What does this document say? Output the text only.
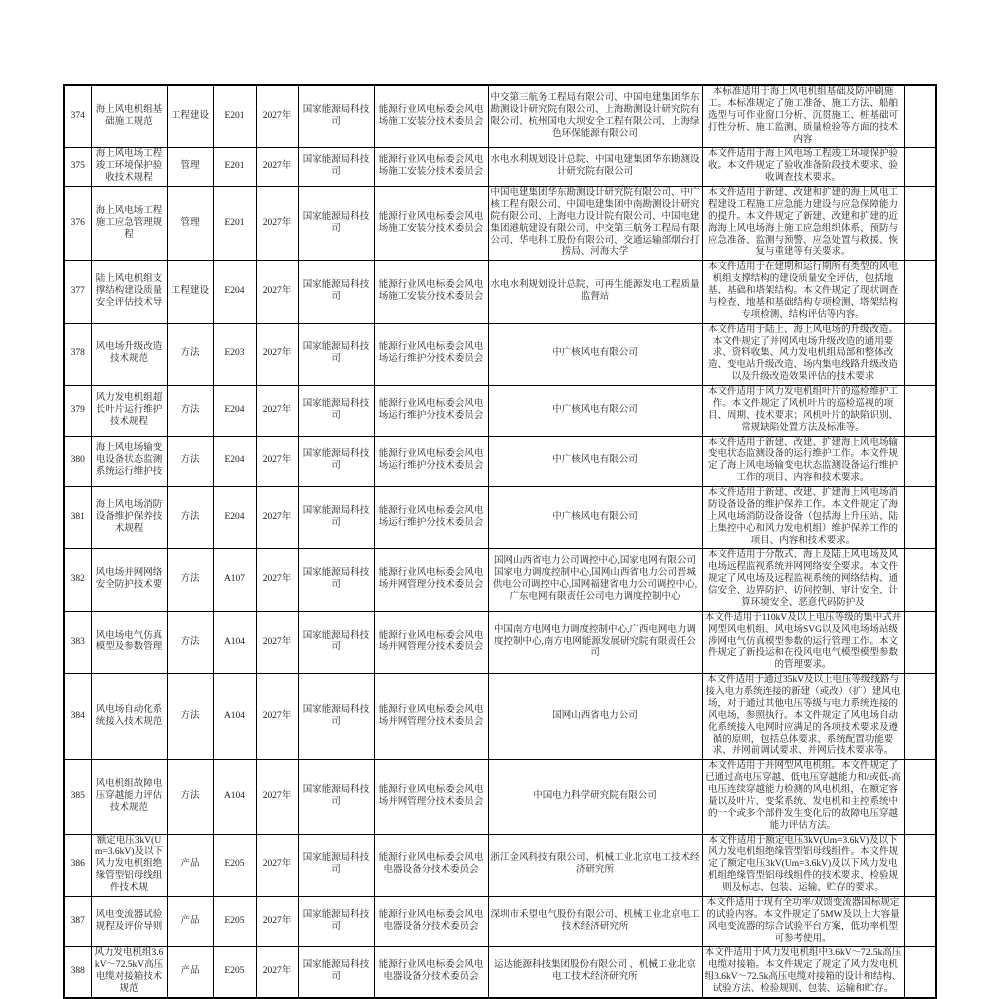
374	海上风电机组基础施工规范	工程建设	E201	2027年	国家能源局科技司	能源行业风电标委会风电场施工安装分技术委员会	中交第三航务工程局有限公司、中国电建集团华东勘测设计研究院有限公司、上海勘测设计研究院有限公司、杭州国电大坝安全工程有限公司、上海绿色环保能源有限公司	本标准适用于海上风电机组基础及防冲刷施工。本标准规定了施工准备、施工方法、船舶选型与可作业窗口分析、沉贯施工、桩基础可打性分析、施工监测、质量检验等方面的技术内容	
375	海上风电场工程竣工环境保护验收技术规程	管理	E201	2027年	国家能源局科技司	能源行业风电标委会风电场施工安装分技术委员会	水电水利规划设计总院、中国电建集团华东勘测设计研究院有限公司	本文件适用于海上风电场工程竣工环境保护验收。本文件规定了验收准备阶段技术要求、验收调查技术要求。	
376	海上风电场工程施工应急管理规程	管理	E201	2027年	国家能源局科技司	能源行业风电标委会风电场施工安装分技术委员会	中国电建集团华东勘测设计研究院有限公司、中广核工程有限公司、中国电建集团中南勘测设计研究院有限公司、上海电力设计院有限公司、中国电建集团港航建设有限公司、中交第三航务工程局有限公司、华电科工股份有限公司、交通运输部烟台打捞局、河海大学	本文件适用于新建、改建和扩建的海上风电工程建设工程施工应急能力建设与应急保障能力的提升。本文件规定了新建、改建和扩建的近海海上风电场海上施工应急组织体系、预防与应急准备、监测与预警、应急处置与救援、恢复与重建等有关要求。	
377	陆上风电机组支撑结构建设质量安全评估技术导	工程建设	E204	2027年	国家能源局科技司	能源行业风电标委会风电场施工安装分技术委员会	水电水利规划设计总院、可再生能源发电工程质量监督站	本文件适用于在建期和运行期所有类型的风电机组支撑结构的建设质量安全评估，包括地基、基础和塔架结构。本文件规定了现状调查与检查、地基和基础结构专项检测、塔架结构专项检测、结构评估等内容。	
378	风电场升级改造技术规范	方法	E203	2027年	国家能源局科技司	能源行业风电标委会风电场运行维护分技术委员会	中广核风电有限公司	本文件适用于陆上、海上风电场的升级改造。本文件规定了并网风电场升级改造的通用要求、资料收集、风力发电机组局部和整体改造、变电站升级改造、场内集电线路升级改造以及升级改造效果评估的技术要求	
379	风力发电机组超长叶片运行维护技术规程	方法	E204	2027年	国家能源局科技司	能源行业风电标委会风电场运行维护分技术委员会	中广核风电有限公司	本文件适用于风力发电机组叶片的巡检维护工作。本文件规定了风机叶片的巡检巡视的项目、周期、技术要求；风机叶片的缺陷识别、常规缺陷处置方法及标准等。	
380	海上风电场输变电设备状态监测系统运行维护技	方法	E204	2027年	国家能源局科技司	能源行业风电标委会风电场运行维护分技术委员会	中广核风电有限公司	本文件适用于新建、改建、扩建海上风电场输变电状态监测设备的运行维护工作。本文件规定了海上风电场输变电状态监测设备运行维护工作的项目、内容和技术要求。	
381	海上风电场消防设备维护保养技术规程	方法	E204	2027年	国家能源局科技司	能源行业风电标委会风电场运行维护分技术委员会	中广核风电有限公司	本文件适用于新建、改建、扩建海上风电场消防设备设备的维护保养工作。本文件规定了海上风电场消防设备设备（包括海上升压站、陆上集控中心和风力发电机组）维护保养工作的项目、内容和技术要求。	
382	风电场并网网络安全防护技术要	方法	A107	2027年	国家能源局科技司	能源行业风电标委会风电场并网管理分技术委员会	国网山西省电力公司调控中心,国家电网有限公司国家电力调度控制中心,国网山西省电力公司晋城供电公司调控中心,国网福建省电力公司调控中心,广东电网有限责任公司电力调度控制中心	本文件适用于分散式、海上及陆上风电场及风电场远程监视系统并网网络安全要求。本文件规定了风电场及远程监视系统的网络结构、通信安全、边界防护、访问控制、审计安全、计算环境安全、恶意代码防护及	
383	风电场电气仿真模型及参数管理	方法	A104	2027年	国家能源局科技司	能源行业风电标委会风电场并网管理分技术委员会	中国南方电网电力调度控制中心,广西电网电力调度控制中心,南方电网能源发展研究院有限责任公司	本文件适用于110kV及以上电压等级的集中式并网型风电机组、风电场SVG以及风电场场站级涉网电气仿真模型参数的运行管理工作。本文件规定了新投运和在役风电电气模型模型参数的管理要求。	
384	风电场自动化系统接入技术规范	方法	A104	2027年	国家能源局科技司	能源行业风电标委会风电场并网管理分技术委员会	国网山西省电力公司	本文件适用于通过35kV及以上电压等级线路与接入电力系统连接的新建（或改）（扩）建风电场，对于通过其他电压等级与电力系统连接的风电场，参照执行。本文件规定了风电场自动化系统接入电网时应满足的各项技术要求及遵循的原则，包括总体要求、系统配置功能要求、并网前调试要求、并网后技术要求等。	
385	风电机组故障电压穿越能力评估技术规范	方法	A104	2027年	国家能源局科技司	能源行业风电标委会风电场并网管理分技术委员会	中国电力科学研究院有限公司	本文件适用于并网型风电机组。本文件规定了已通过高电压穿越、低电压穿越能力和/或低-高电压连续穿越能力检测的风电机组，在额定容量以及叶片、变桨系统、发电机和主控系统中的一个或多个部件发生变化后的故障电压穿越能力评估方法。	
386	额定电压3kV(Um=3.6kV)及以下风力发电机组绝缘管型铝母线组件技术规	产品	E205	2027年	国家能源局科技司	能源行业风电标委会风电电器设备分技术委员会	浙江金风科技有限公司、机械工业北京电工技术经济研究所	本文件适用于额定电压3kV(Um=3.6kV)及以下风力发电机组绝缘管型铝母线组件。本文件规定了额定电压3kV(Um=3.6kV)及以下风力发电机组绝缘管型铝母线组件的技术要求、检验规则及标志、包装、运输、贮存的要求。	
387	风电变流器试验规程及评价导则	产品	E205	2027年	国家能源局科技司	能源行业风电标委会风电电器设备分技术委员会	深圳市禾望电气股份有限公司、机械工业北京电工技术经济研究所	本文件适用于现有全功率/双馈变流器国标规定的试验内容。本文件规定了5MW及以上大容量风电变流器的综合试验平台方案，低功率机型可参考使用。	
388	风力发电机组3.6kV～72.5kV高压电缆对接箱技术规范	产品	E205	2027年	国家能源局科技司	能源行业风电标委会风电电器设备分技术委员会	运达能源科技集团股份有限公司 、机械工业北京电工技术经济研究所	本文件适用于风力发电机组中3.6kV～72.5k高压电缆对接箱。本文件规定了规定了风力发电机组3.6kV～72.5k高压电缆对接箱的设计和结构、试验方法、检验规则、包装、运输和贮存。	
